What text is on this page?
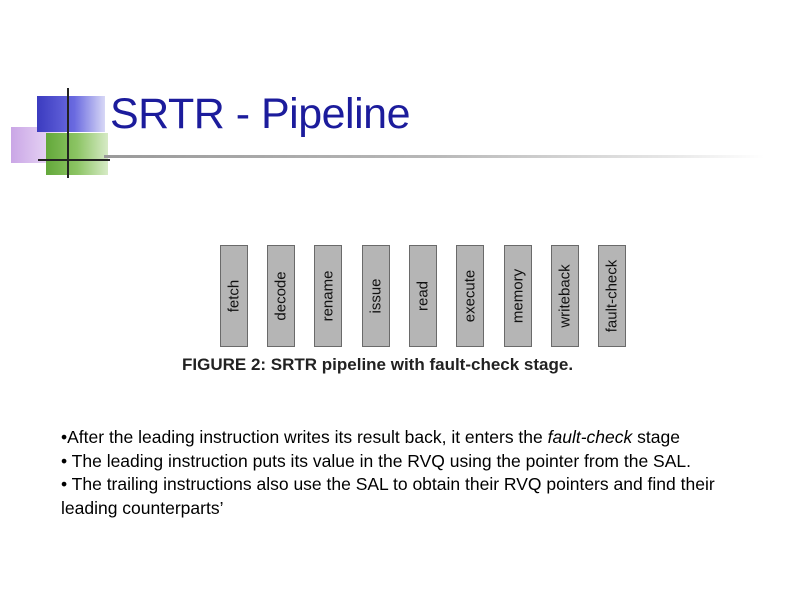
SRTR - Pipeline
fetch decode rename issue read execute memory writeback fault-check
FIGURE 2: SRTR pipeline with fault-check stage.
•After the leading instruction writes its result back, it enters the fault-check stage
• The leading instruction puts its value in the RVQ using the pointer from the SAL.
• The trailing instructions also use the SAL to obtain their RVQ pointers and find their leading counterparts’
